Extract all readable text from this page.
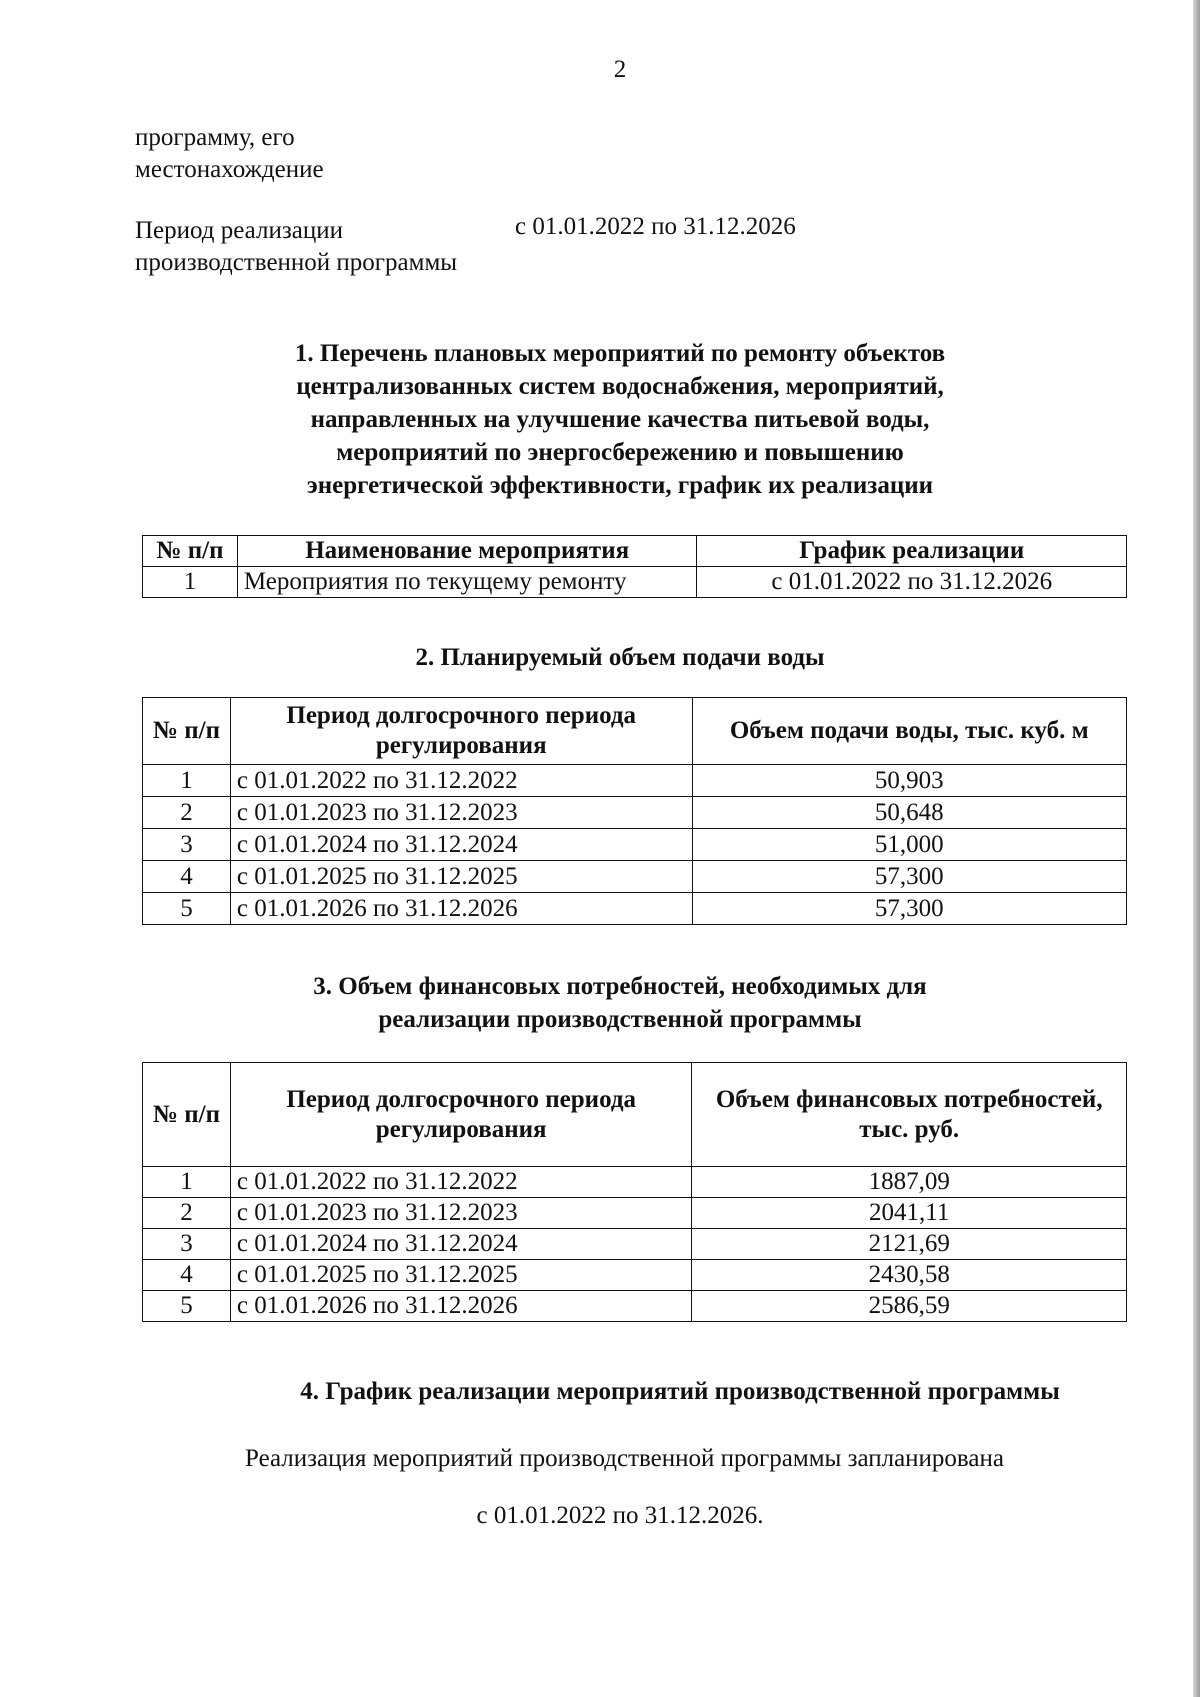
2
программу, его
местонахождение
Период реализации
производственной программы
с 01.01.2022 по 31.12.2026
1. Перечень плановых мероприятий по ремонту объектов
централизованных систем водоснабжения, мероприятий,
направленных на улучшение качества питьевой воды,
мероприятий по энергосбережению и повышению
энергетической эффективности, график их реализации
№ п/п	Наименование мероприятия	График реализации
1	Мероприятия по текущему ремонту	с 01.01.2022 по 31.12.2026
2. Планируемый объем подачи воды
№ п/п	Период долгосрочного периода регулирования	Объем подачи воды, тыс. куб. м
1	с 01.01.2022 по 31.12.2022	50,903
2	с 01.01.2023 по 31.12.2023	50,648
3	с 01.01.2024 по 31.12.2024	51,000
4	с 01.01.2025 по 31.12.2025	57,300
5	с 01.01.2026 по 31.12.2026	57,300
3. Объем финансовых потребностей, необходимых для
реализации производственной программы
№ п/п	Период долгосрочного периода регулирования	Объем финансовых потребностей, тыс. руб.
1	с 01.01.2022 по 31.12.2022	1887,09
2	с 01.01.2023 по 31.12.2023	2041,11
3	с 01.01.2024 по 31.12.2024	2121,69
4	с 01.01.2025 по 31.12.2025	2430,58
5	с 01.01.2026 по 31.12.2026	2586,59
4. График реализации мероприятий производственной программы
Реализация мероприятий производственной программы запланирована
с 01.01.2022 по 31.12.2026.
